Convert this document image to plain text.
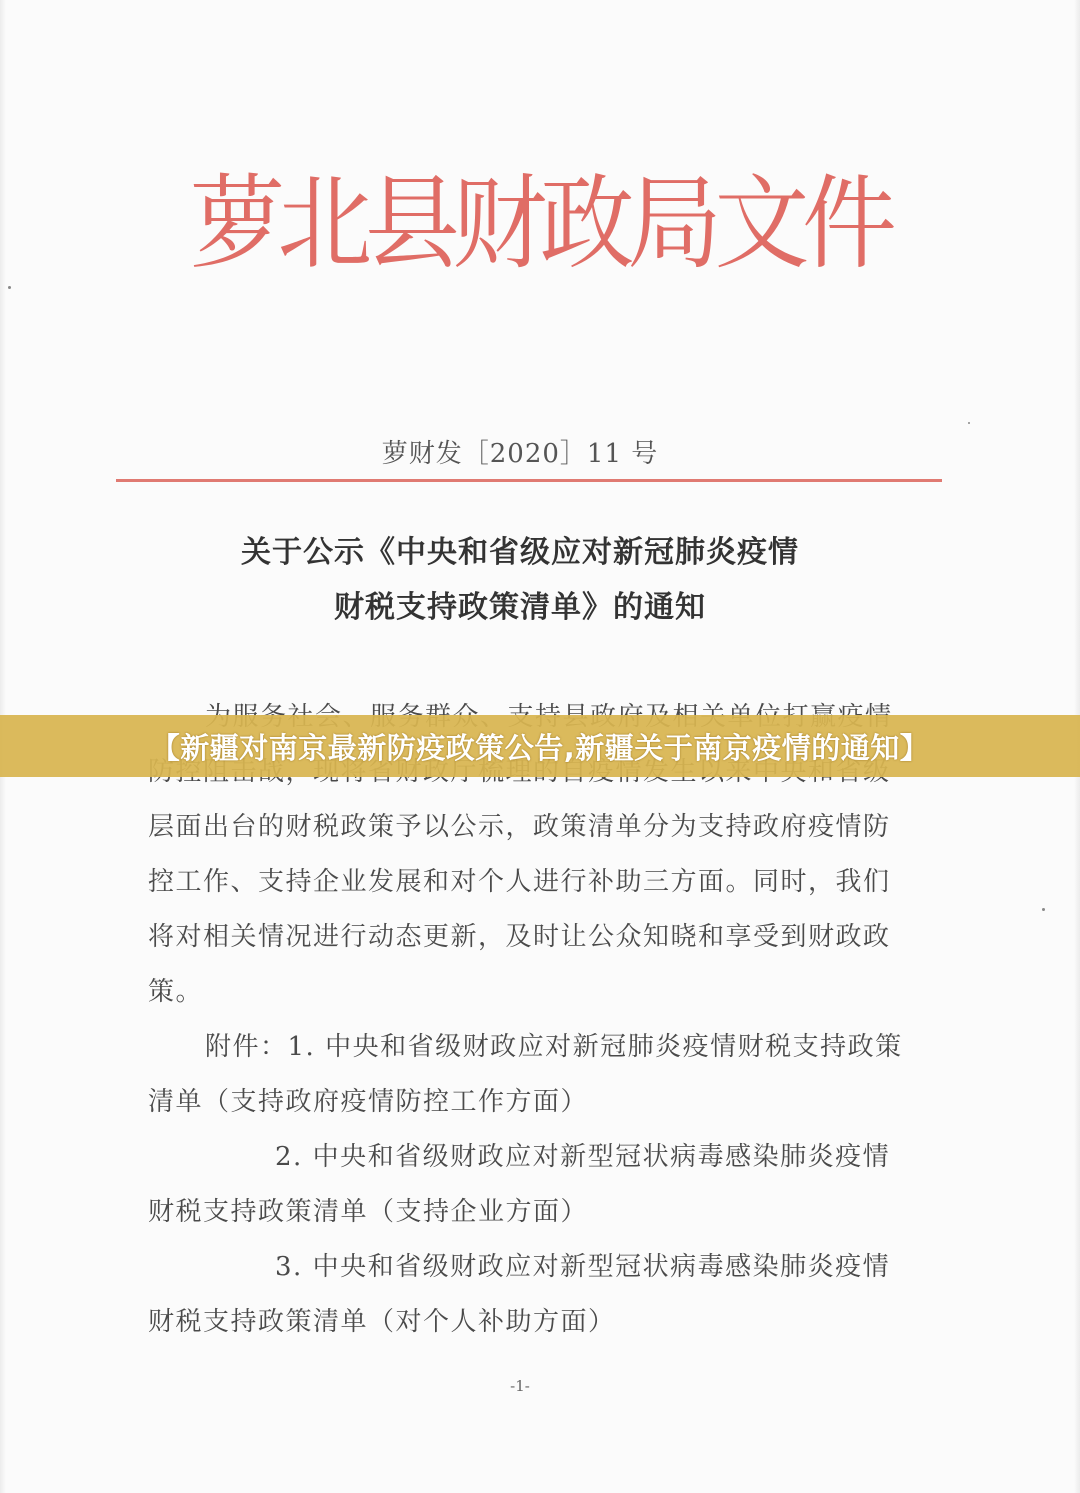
萝北县财政局文件
萝财发［2020］11 号
关于公示《中央和省级应对新冠肺炎疫情
财税支持政策清单》的通知
层面出台的财税政策予以公示，政策清单分为支持政府疫情防
控工作、支持企业发展和对个人进行补助三方面。同时，我们
将对相关情况进行动态更新，及时让公众知晓和享受到财政政
策。
附件：1. 中央和省级财政应对新冠肺炎疫情财税支持政策
清单（支持政府疫情防控工作方面）
2. 中央和省级财政应对新型冠状病毒感染肺炎疫情
财税支持政策清单（支持企业方面）
3. 中央和省级财政应对新型冠状病毒感染肺炎疫情
财税支持政策清单（对个人补助方面）
-1-
【新疆对南京最新防疫政策公告,新疆关于南京疫情的通知】
